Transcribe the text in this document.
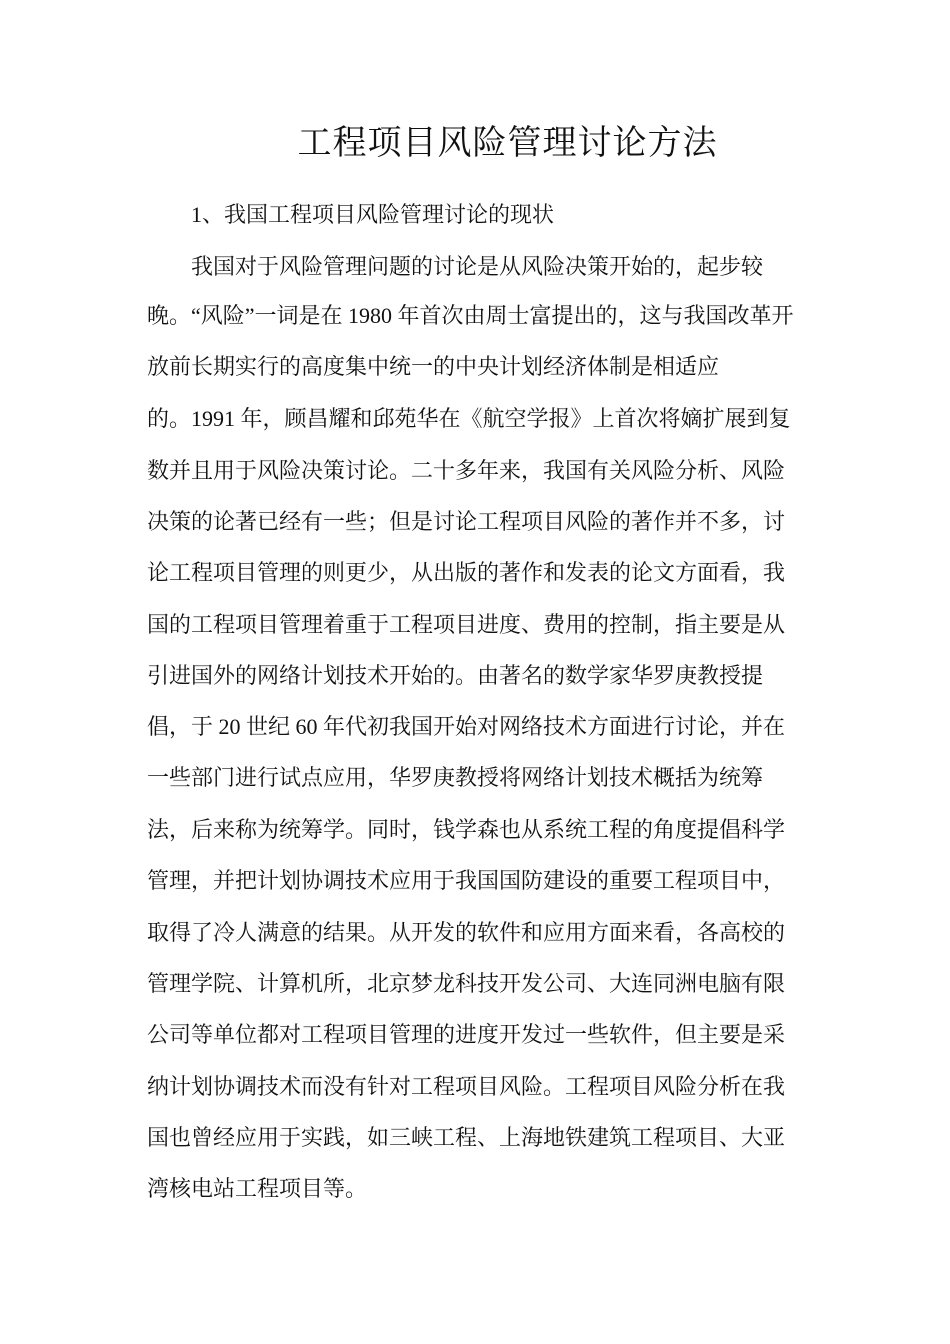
工程项目风险管理讨论方法
1、我国工程项目风险管理讨论的现状
我国对于风险管理问题的讨论是从风险决策开始的，起步较
晚。“风险”一词是在 1980 年首次由周士富提出的，这与我国改革开
放前长期实行的高度集中统一的中央计划经济体制是相适应
的。1991 年，顾昌耀和邱苑华在《航空学报》上首次将嫡扩展到复
数并且用于风险决策讨论。二十多年来，我国有关风险分析、风险
决策的论著已经有一些；但是讨论工程项目风险的著作并不多，讨
论工程项目管理的则更少，从出版的著作和发表的论文方面看，我
国的工程项目管理着重于工程项目进度、费用的控制，指主要是从
引进国外的网络计划技术开始的。由著名的数学家华罗庚教授提
倡，于 20 世纪 60 年代初我国开始对网络技术方面进行讨论，并在
一些部门进行试点应用，华罗庚教授将网络计划技术概括为统筹
法，后来称为统筹学。同时，钱学森也从系统工程的角度提倡科学
管理，并把计划协调技术应用于我国国防建设的重要工程项目中，
取得了冷人满意的结果。从开发的软件和应用方面来看，各高校的
管理学院、计算机所，北京梦龙科技开发公司、大连同洲电脑有限
公司等单位都对工程项目管理的进度开发过一些软件，但主要是采
纳计划协调技术而没有针对工程项目风险。工程项目风险分析在我
国也曾经应用于实践，如三峡工程、上海地铁建筑工程项目、大亚
湾核电站工程项目等。
